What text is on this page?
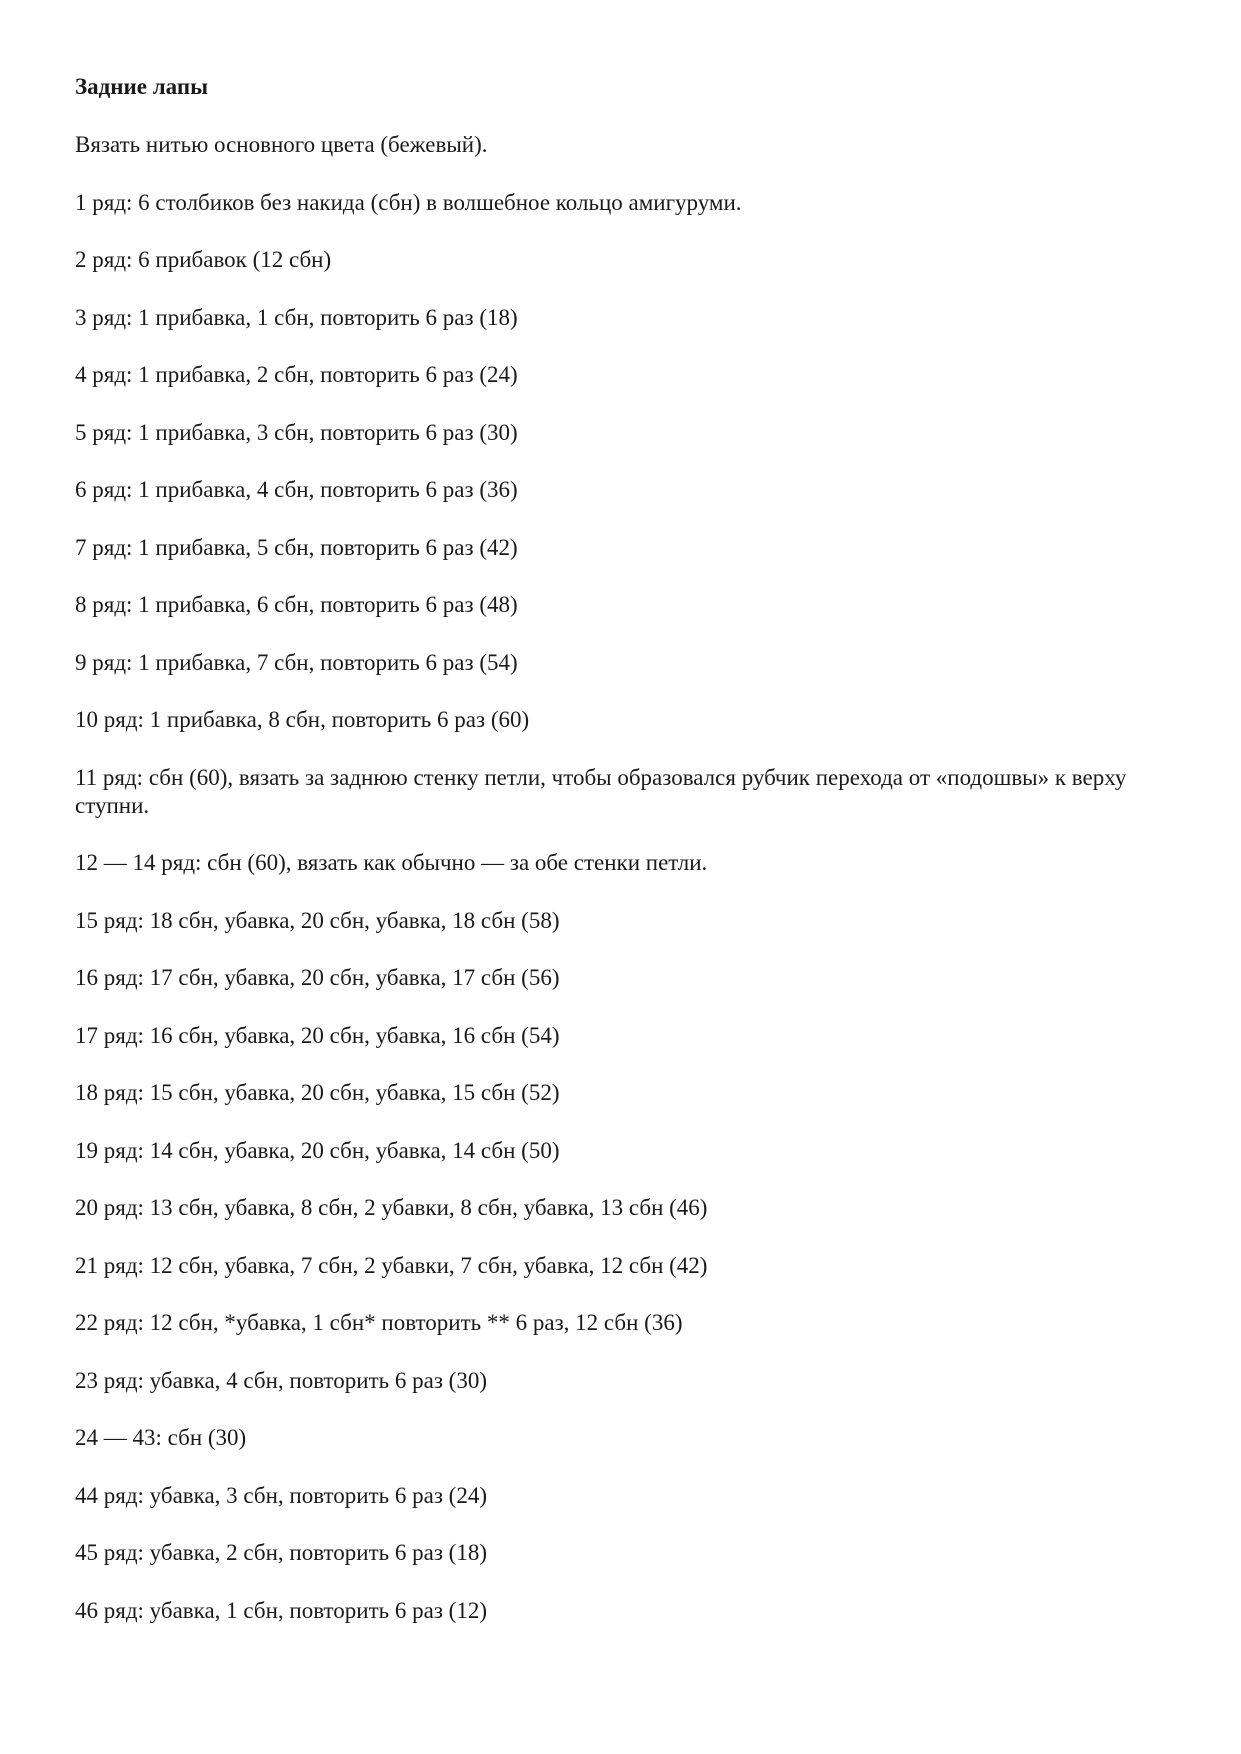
Задние лапы

Вязать нитью основного цвета (бежевый).

1 ряд: 6 столбиков без накида (сбн) в волшебное кольцо амигуруми.

2 ряд: 6 прибавок (12 сбн)

3 ряд: 1 прибавка, 1 сбн, повторить 6 раз (18)

4 ряд: 1 прибавка, 2 сбн, повторить 6 раз (24)

5 ряд: 1 прибавка, 3 сбн, повторить 6 раз (30)

6 ряд: 1 прибавка, 4 сбн, повторить 6 раз (36)

7 ряд: 1 прибавка, 5 сбн, повторить 6 раз (42)

8 ряд: 1 прибавка, 6 сбн, повторить 6 раз (48)

9 ряд: 1 прибавка, 7 сбн, повторить 6 раз (54)

10 ряд: 1 прибавка, 8 сбн, повторить 6 раз (60)

11 ряд: сбн (60), вязать за заднюю стенку петли, чтобы образовался рубчик перехода от «подошвы» к верху ступни.

12 — 14 ряд: сбн (60), вязать как обычно — за обе стенки петли.

15 ряд: 18 сбн, убавка, 20 сбн, убавка, 18 сбн (58)

16 ряд: 17 сбн, убавка, 20 сбн, убавка, 17 сбн (56)

17 ряд: 16 сбн, убавка, 20 сбн, убавка, 16 сбн (54)

18 ряд: 15 сбн, убавка, 20 сбн, убавка, 15 сбн (52)

19 ряд: 14 сбн, убавка, 20 сбн, убавка, 14 сбн (50)

20 ряд: 13 сбн, убавка, 8 сбн, 2 убавки, 8 сбн, убавка, 13 сбн (46)

21 ряд: 12 сбн, убавка, 7 сбн, 2 убавки, 7 сбн, убавка, 12 сбн (42)

22 ряд: 12 сбн, *убавка, 1 сбн* повторить ** 6 раз, 12 сбн (36)

23 ряд: убавка, 4 сбн, повторить 6 раз (30)

24 — 43: сбн (30)

44 ряд: убавка, 3 сбн, повторить 6 раз (24)

45 ряд: убавка, 2 сбн, повторить 6 раз (18)

46 ряд: убавка, 1 сбн, повторить 6 раз (12)
